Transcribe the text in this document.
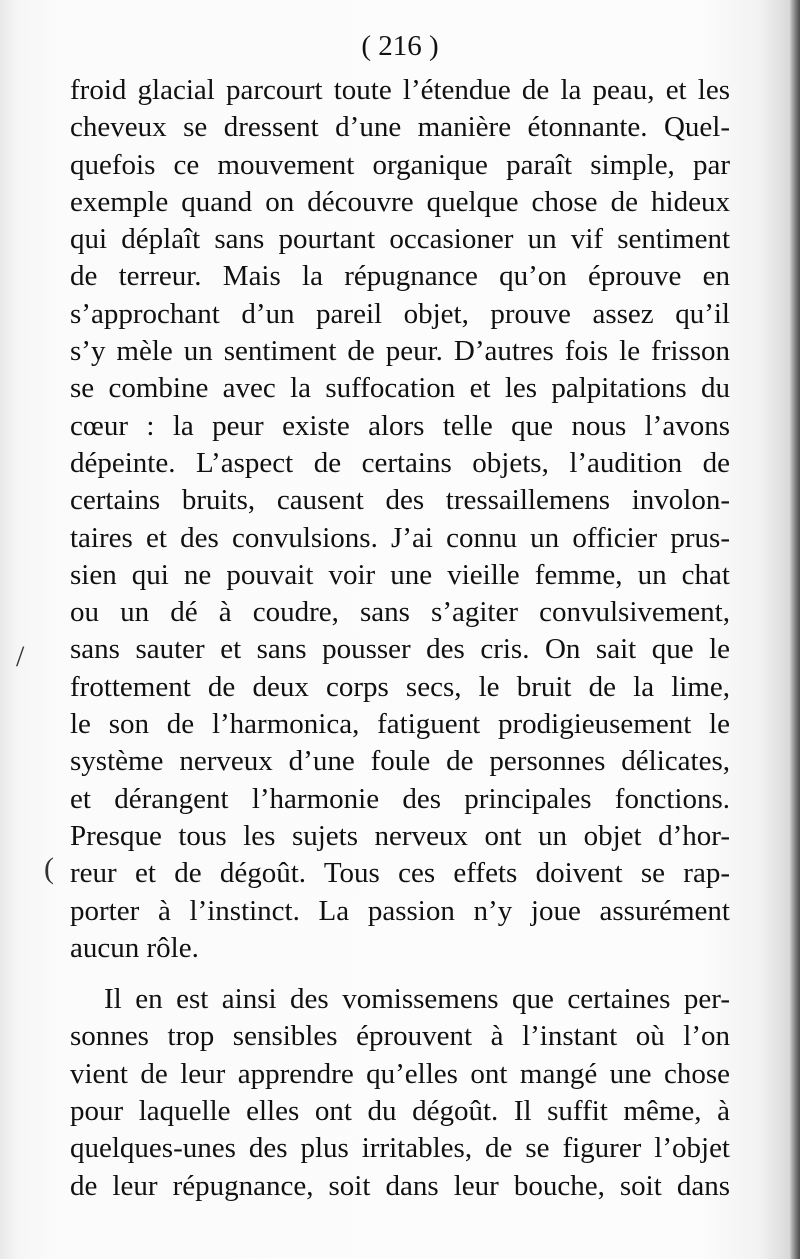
( 216 )
/
(
froid glacial parcourt toute l’étendue de la peau, et les
cheveux se dressent d’une manière étonnante. Quel-
quefois ce mouvement organique paraît simple, par
exemple quand on découvre quelque chose de hideux
qui déplaît sans pourtant occasioner un vif sentiment
de terreur. Mais la répugnance qu’on éprouve en
s’approchant d’un pareil objet, prouve assez qu’il
s’y mèle un sentiment de peur. D’autres fois le frisson
se combine avec la suffocation et les palpitations du
cœur : la peur existe alors telle que nous l’avons
dépeinte. L’aspect de certains objets, l’audition de
certains bruits, causent des tressaillemens involon-
taires et des convulsions. J’ai connu un officier prus-
sien qui ne pouvait voir une vieille femme, un chat
ou un dé à coudre, sans s’agiter convulsivement,
sans sauter et sans pousser des cris. On sait que le
frottement de deux corps secs, le bruit de la lime,
le son de l’harmonica, fatiguent prodigieusement le
système nerveux d’une foule de personnes délicates,
et dérangent l’harmonie des principales fonctions.
Presque tous les sujets nerveux ont un objet d’hor-
reur et de dégoût. Tous ces effets doivent se rap-
porter à l’instinct. La passion n’y joue assurément
aucun rôle.
Il en est ainsi des vomissemens que certaines per-
sonnes trop sensibles éprouvent à l’instant où l’on
vient de leur apprendre qu’elles ont mangé une chose
pour laquelle elles ont du dégoût. Il suffit même, à
quelques-unes des plus irritables, de se figurer l’objet
de leur répugnance, soit dans leur bouche, soit dans
